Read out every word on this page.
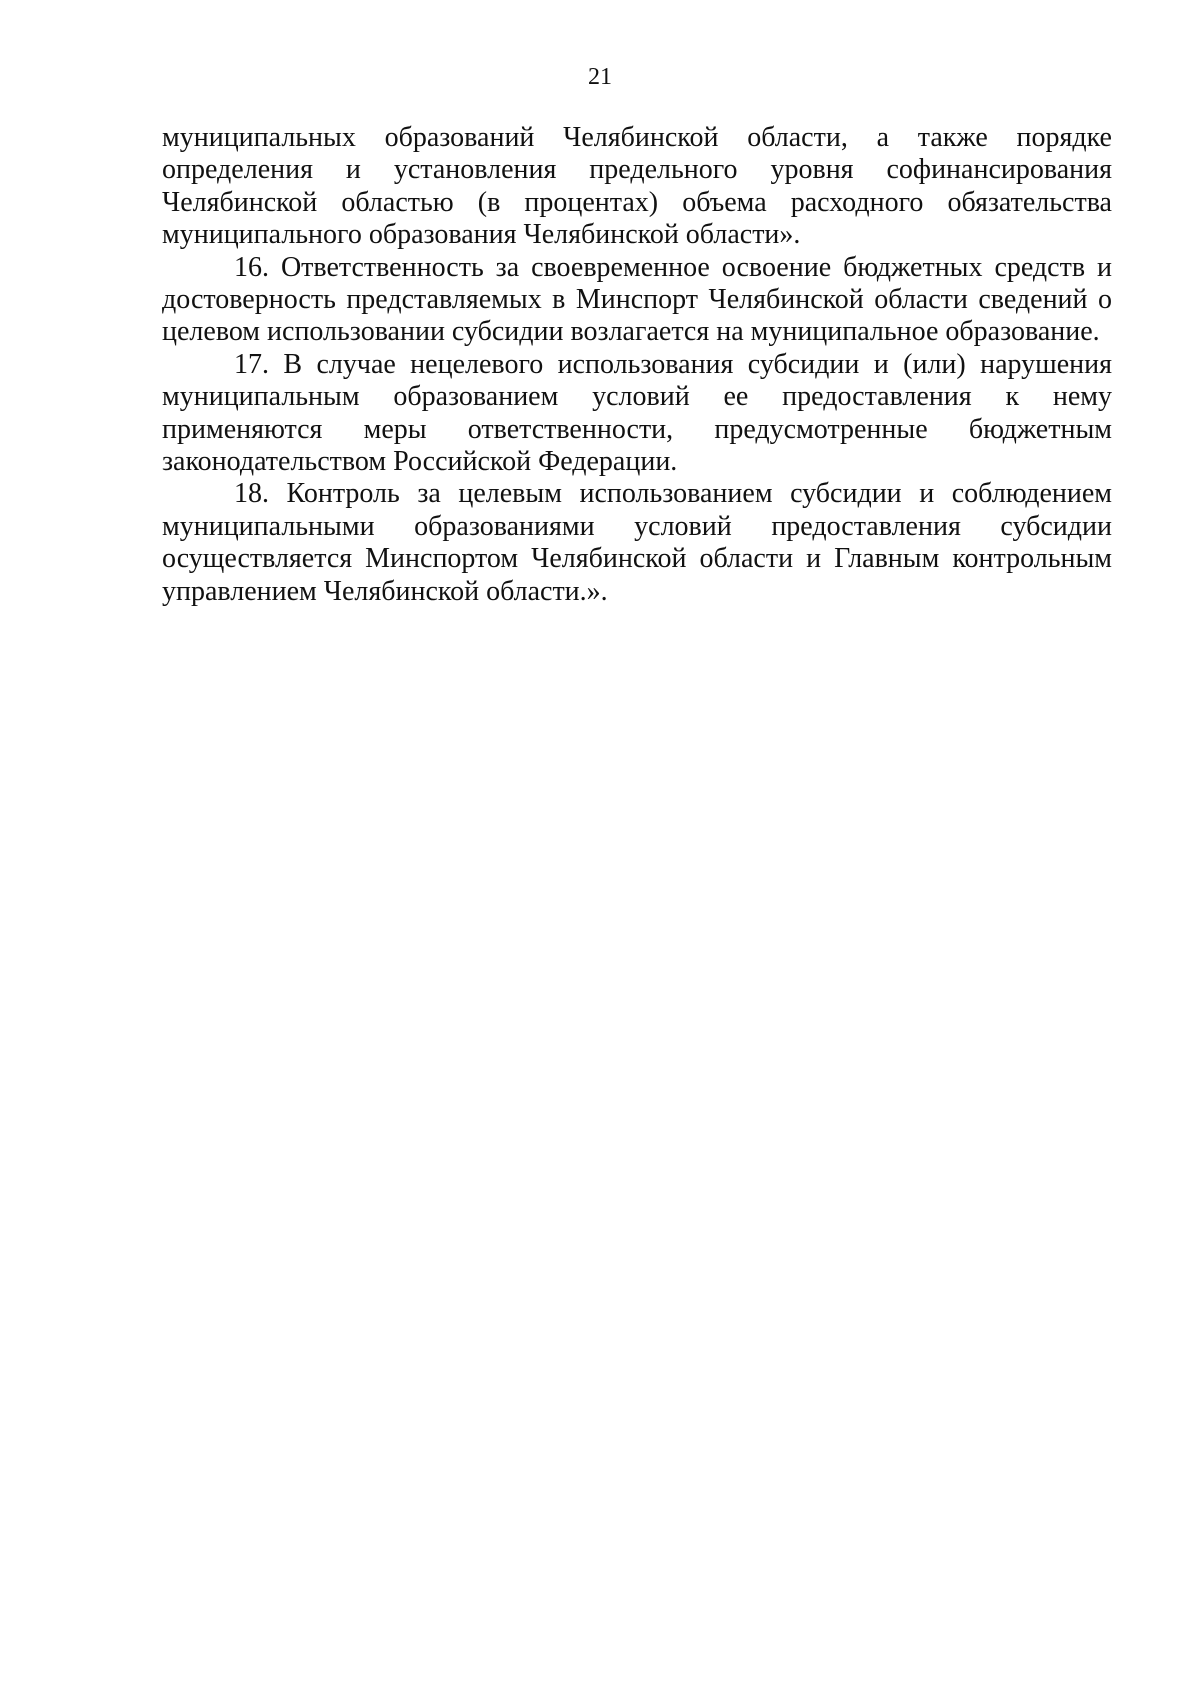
21

муниципальных образований Челябинской области, а также порядке определения и установления предельного уровня софинансирования Челябинской областью (в процентах) объема расходного обязательства муниципального образования Челябинской области».

16. Ответственность за своевременное освоение бюджетных средств и достоверность представляемых в Минспорт Челябинской области сведений о целевом использовании субсидии возлагается на муниципальное образование.

17. В случае нецелевого использования субсидии и (или) нарушения муниципальным образованием условий ее предоставления к нему применяются меры ответственности, предусмотренные бюджетным законодательством Российской Федерации.

18. Контроль за целевым использованием субсидии и соблюдением муниципальными образованиями условий предоставления субсидии осуществляется Минспортом Челябинской области и Главным контрольным управлением Челябинской области.».
